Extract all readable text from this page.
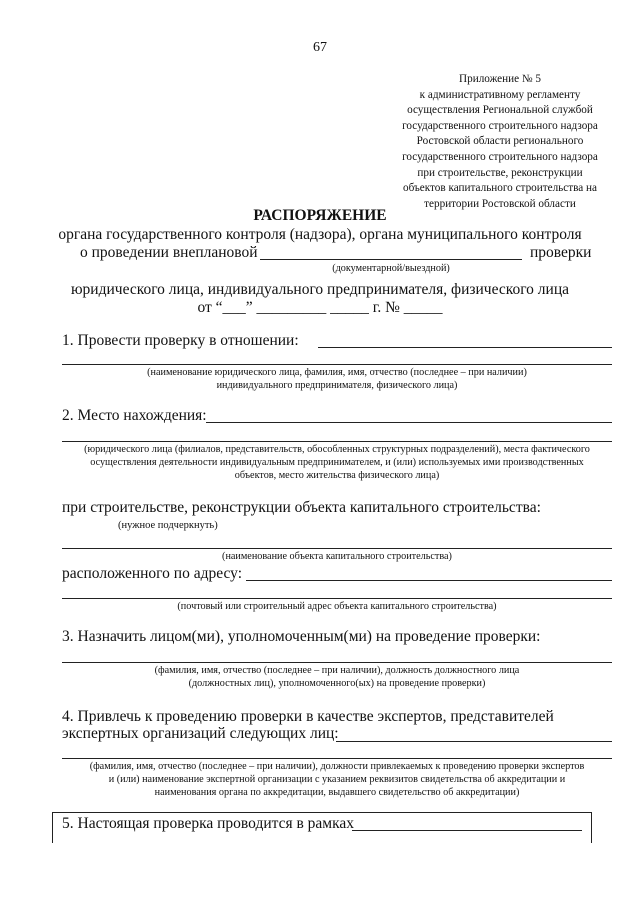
67
Приложение № 5
к административному регламенту
осуществления Региональной службой
государственного строительного надзора
Ростовской области регионального
государственного строительного надзора
при строительстве, реконструкции
объектов капитального строительства на
территории Ростовской области
РАСПОРЯЖЕНИЕ
органа государственного контроля (надзора), органа муниципального контроля
о проведении внеплановой	проверки
(документарной/выездной)
юридического лица, индивидуального предпринимателя, физического лица
от “___” _________ _____ г. № _____
1. Провести проверку в отношении:
(наименование юридического лица, фамилия, имя, отчество (последнее – при наличии)
индивидуального предпринимателя, физического лица)
2. Место нахождения:
(юридического лица (филиалов, представительств, обособленных структурных подразделений), места фактического
осуществления деятельности индивидуальным предпринимателем, и (или) используемых ими производственных
объектов, место жительства физического лица)
при строительстве, реконструкции объекта капитального строительства:
(нужное подчеркнуть)
(наименование объекта капитального строительства)
расположенного по адресу:
(почтовый или строительный адрес объекта капитального строительства)
3. Назначить лицом(ми), уполномоченным(ми) на проведение проверки:
(фамилия, имя, отчество (последнее – при наличии), должность должностного лица
(должностных лиц), уполномоченного(ых) на проведение проверки)
4. Привлечь к проведению проверки в качестве экспертов, представителей
экспертных организаций следующих лиц:
(фамилия, имя, отчество (последнее – при наличии), должности привлекаемых к проведению проверки экспертов
и (или) наименование экспертной организации с указанием реквизитов свидетельства об аккредитации и
наименования органа по аккредитации, выдавшего свидетельство об аккредитации)
5. Настоящая проверка проводится в рамках
